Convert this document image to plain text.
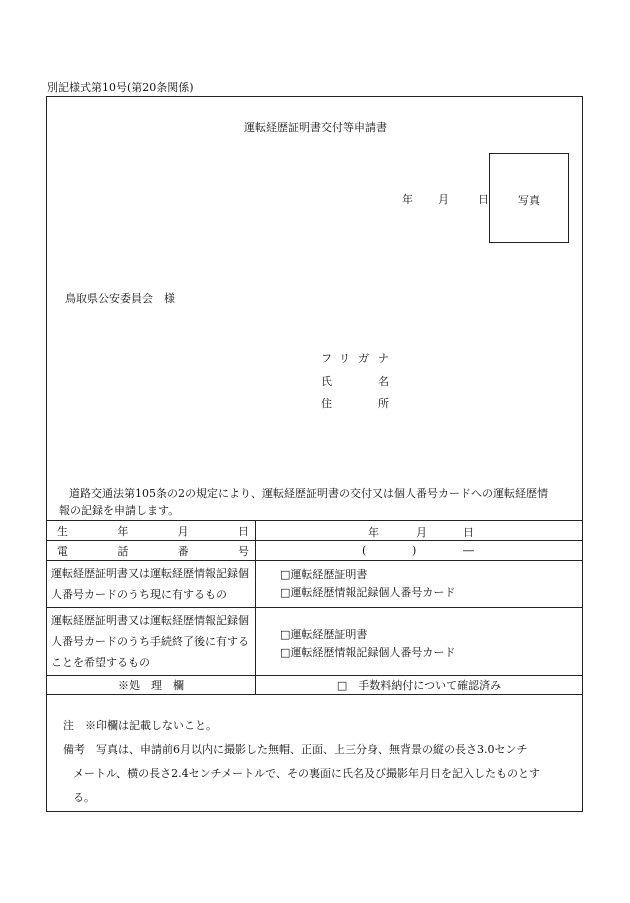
別記様式第10号(第20条関係)
運転経歴証明書交付等申請書
年 月	日	写真
鳥取県公安委員会　様
フ リ ガ ナ
氏	名
住	所
道路交通法第105条の2の規定により、運転経歴証明書の交付又は個人番号カードへの運転経歴情
報の記録を申請します。
生 年 月 日	年 月 日

電 話 番 号	( ) ―

運転経歴証明書又は運転経歴情報記録個人番号カードのうち現に有するもの	□運転経歴証明書
□運転経歴情報記録個人番号カード

運転経歴証明書又は運転経歴情報記録個人番号カードのうち手続終了後に有することを希望するもの	□運転経歴証明書
□運転経歴情報記録個人番号カード

※処　理　欄	□　手数料納付について確認済み
注　※印欄は記載しないこと。
備考　写真は、申請前6月以内に撮影した無帽、正面、上三分身、無背景の縦の長さ3.0センチ
メートル、横の長さ2.4センチメートルで、その裏面に氏名及び撮影年月日を記入したものとす
る。
